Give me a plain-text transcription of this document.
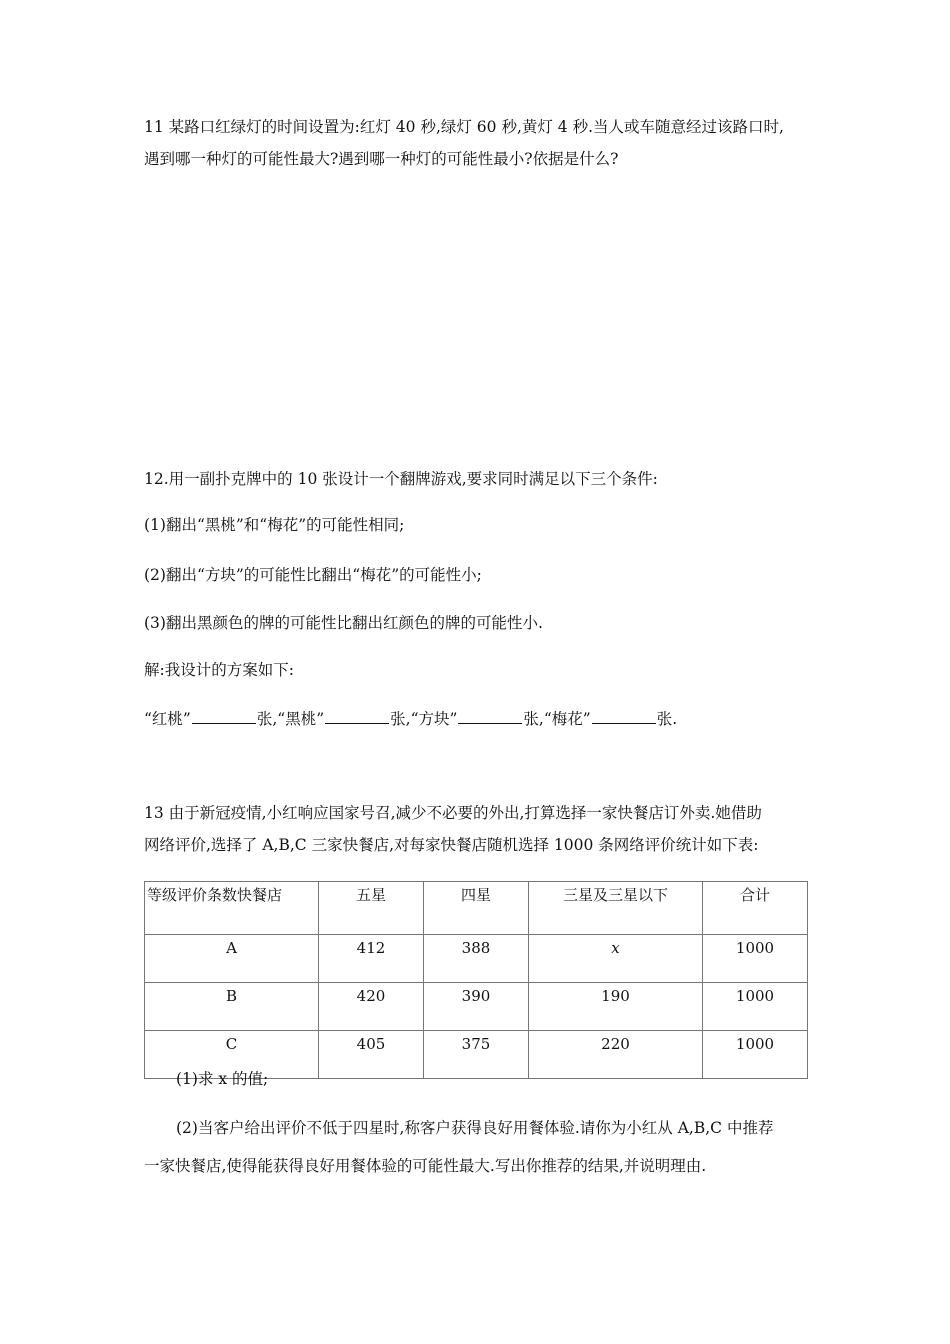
11 某路口红绿灯的时间设置为:红灯 40 秒,绿灯 60 秒,黄灯 4 秒.当人或车随意经过该路口时,
遇到哪一种灯的可能性最大?遇到哪一种灯的可能性最小?依据是什么?
12.用一副扑克牌中的 10 张设计一个翻牌游戏,要求同时满足以下三个条件:
(1)翻出“黑桃”和“梅花”的可能性相同;
(2)翻出“方块”的可能性比翻出“梅花”的可能性小;
(3)翻出黑颜色的牌的可能性比翻出红颜色的牌的可能性小.
解:我设计的方案如下:
“红桃”	张,“黑桃”	张,“方块”	张,“梅花”	张.
13 由于新冠疫情,小红响应国家号召,减少不必要的外出,打算选择一家快餐店订外卖.她借助
网络评价,选择了 A,B,C 三家快餐店,对每家快餐店随机选择 1000 条网络评价统计如下表:
等级评价条数快餐店	五星	四星	三星及三星以下	合计
A	412	388	x	1000
B	420	390	190	1000
C	405	375	220	1000
(1)求 x 的值;
(2)当客户给出评价不低于四星时,称客户获得良好用餐体验.请你为小红从 A,B,C 中推荐
一家快餐店,使得能获得良好用餐体验的可能性最大.写出你推荐的结果,并说明理由.
